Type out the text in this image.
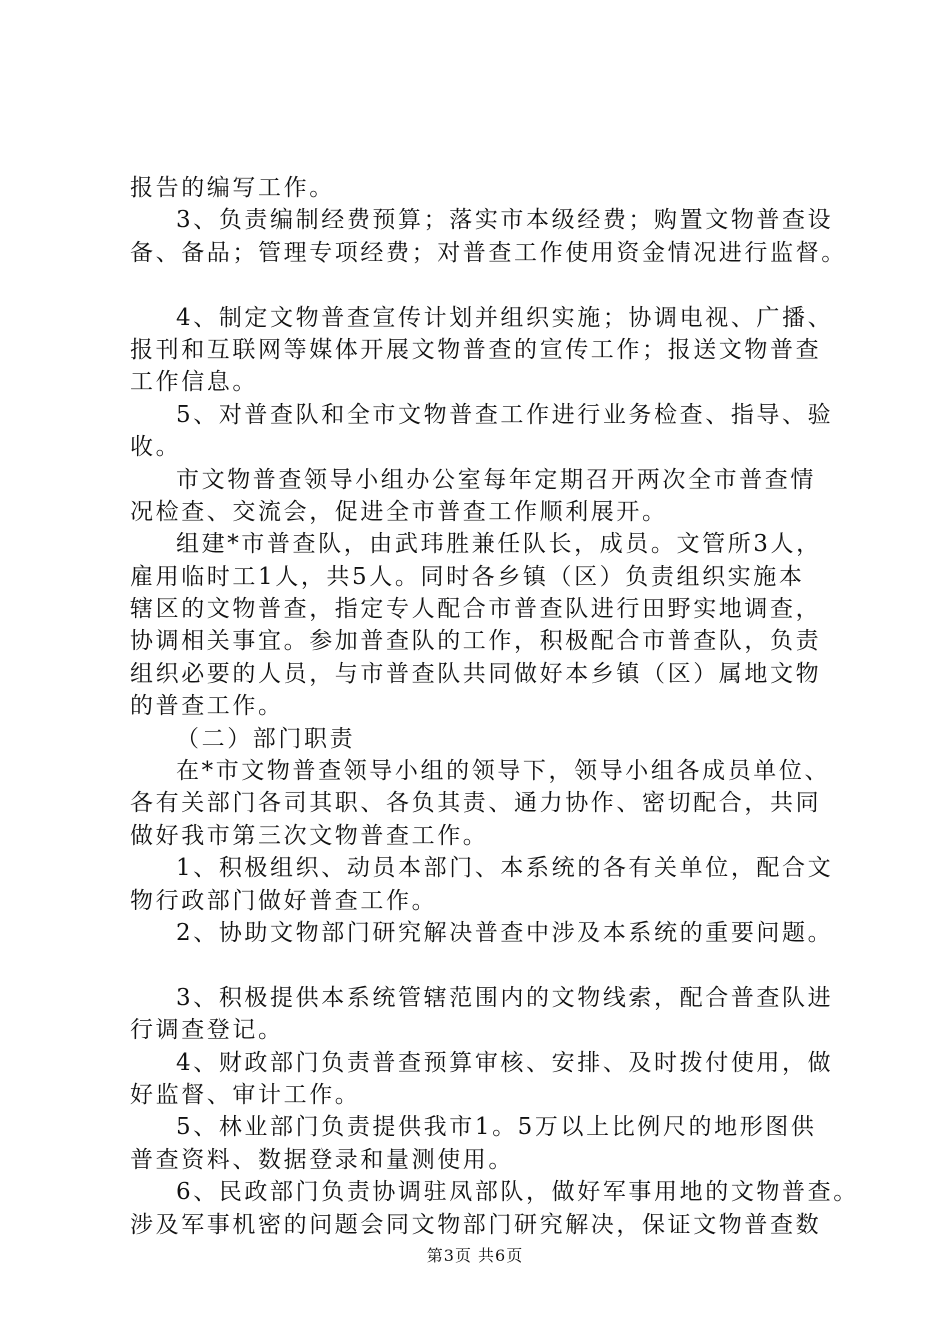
报告的编写工作。
3、负责编制经费预算；落实市本级经费；购置文物普查设
备、备品；管理专项经费；对普查工作使用资金情况进行监督。
4、制定文物普查宣传计划并组织实施；协调电视、广播、
报刊和互联网等媒体开展文物普查的宣传工作；报送文物普查
工作信息。
5、对普查队和全市文物普查工作进行业务检查、指导、验
收。
市文物普查领导小组办公室每年定期召开两次全市普查情
况检查、交流会，促进全市普查工作顺利展开。
组建*市普查队，由武玮胜兼任队长，成员。文管所3人，
雇用临时工1人，共5人。同时各乡镇（区）负责组织实施本
辖区的文物普查，指定专人配合市普查队进行田野实地调查，
协调相关事宜。参加普查队的工作，积极配合市普查队，负责
组织必要的人员，与市普查队共同做好本乡镇（区）属地文物
的普查工作。
（二）部门职责
在*市文物普查领导小组的领导下，领导小组各成员单位、
各有关部门各司其职、各负其责、通力协作、密切配合，共同
做好我市第三次文物普查工作。
1、积极组织、动员本部门、本系统的各有关单位，配合文
物行政部门做好普查工作。
2、协助文物部门研究解决普查中涉及本系统的重要问题。
3、积极提供本系统管辖范围内的文物线索，配合普查队进
行调查登记。
4、财政部门负责普查预算审核、安排、及时拨付使用，做
好监督、审计工作。
5、林业部门负责提供我市1。5万以上比例尺的地形图供
普查资料、数据登录和量测使用。
6、民政部门负责协调驻凤部队，做好军事用地的文物普查。
涉及军事机密的问题会同文物部门研究解决，保证文物普查数
第3页 共6页
